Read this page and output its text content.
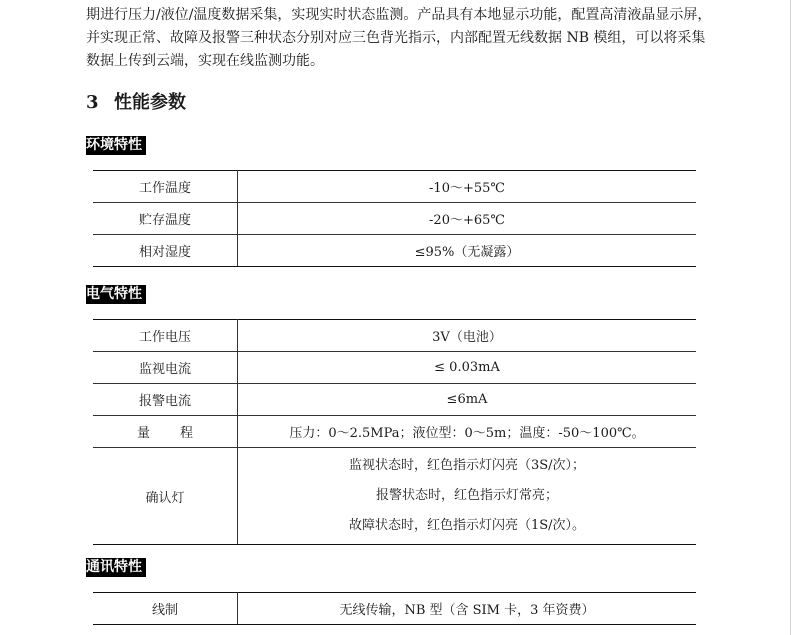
期进行压力/液位/温度数据采集，实现实时状态监测。产品具有本地显示功能，配置高清液晶显示屏，

并实现正常、故障及报警三种状态分别对应三色背光指示，内部配置无线数据 NB 模组，可以将采集

数据上传到云端，实现在线监测功能。

3 性能参数
环境特性
工作温度	-10～+55℃
贮存温度	-20～+65℃
相对湿度	≤95%（无凝露）
电气特性
工作电压	3V（电池）
监视电流	≤ 0.03mA
报警电流	≤6mA
量程	压力：0～2.5MPa；液位型：0～5m；温度：-50～100℃。
确认灯	监视状态时，红色指示灯闪亮（3S/次）；
报警状态时，红色指示灯常亮；
故障状态时，红色指示灯闪亮（1S/次）。
通讯特性
线制	无线传输，NB 型（含 SIM 卡，3 年资费）
